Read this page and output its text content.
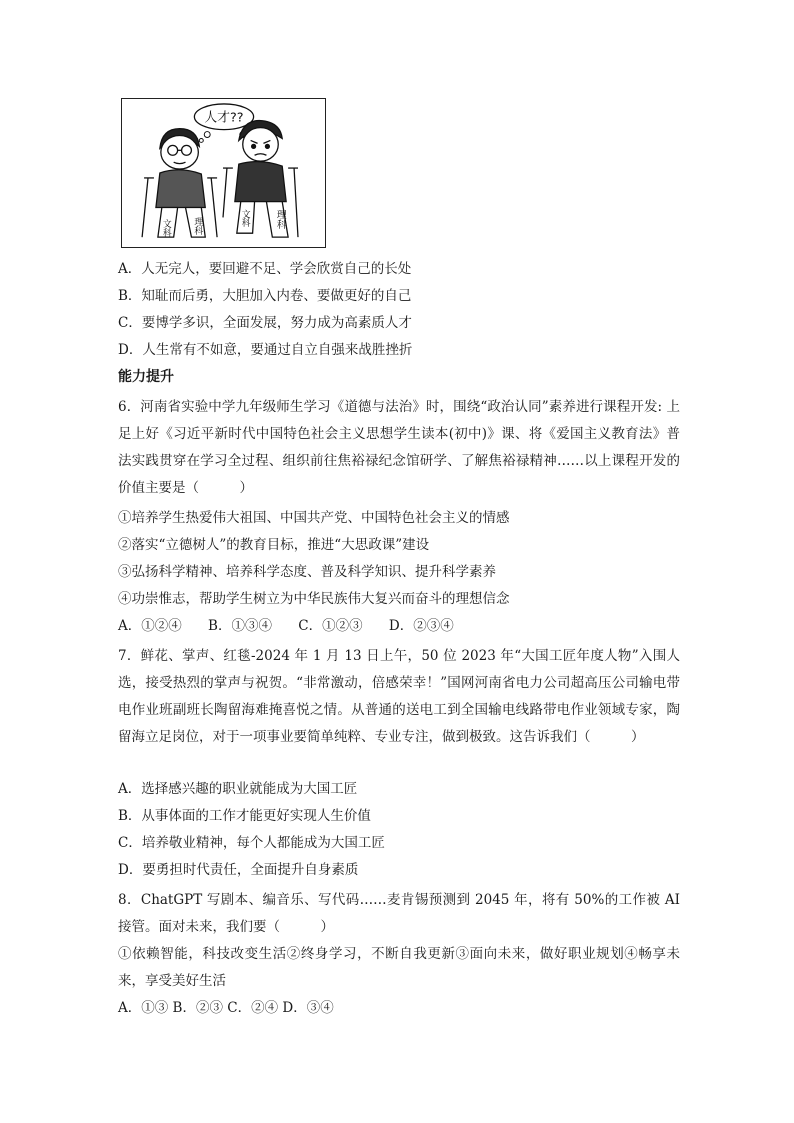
人才??
文科 理科	文科	理科
A．人无完人，要回避不足、学会欣赏自己的长处
B．知耻而后勇，大胆加入内卷、要做更好的自己
C．要博学多识，全面发展，努力成为高素质人才
D．人生常有不如意，要通过自立自强来战胜挫折
能力提升
6．河南省实验中学九年级师生学习《道德与法治》时，围绕“政治认同”素养进行课程开发: 上足上好《习近平新时代中国特色社会主义思想学生读本(初中)》课、将《爱国主义教育法》普法实践贯穿在学习全过程、组织前往焦裕禄纪念馆研学、了解焦裕禄精神……以上课程开发的价值主要是（　　　）
①培养学生热爱伟大祖国、中国共产党、中国特色社会主义的情感
②落实“立德树人”的教育目标，推进“大思政课”建设
③弘扬科学精神、培养科学态度、普及科学知识、提升科学素养
④功崇惟志，帮助学生树立为中华民族伟大复兴而奋斗的理想信念
A．①②④ B．①③④ C．①②③ D．②③④
7．鲜花、掌声、红毯-2024 年 1 月 13 日上午，50 位 2023 年“大国工匠年度人物”入围人选，接受热烈的掌声与祝贺。“非常激动，倍感荣幸！”国网河南省电力公司超高压公司输电带电作业班副班长陶留海难掩喜悦之情。从普通的送电工到全国输电线路带电作业领域专家，陶留海立足岗位，对于一项事业要简单纯粹、专业专注，做到极致。这告诉我们（　　　）
A．选择感兴趣的职业就能成为大国工匠
B．从事体面的工作才能更好实现人生价值
C．培养敬业精神，每个人都能成为大国工匠
D．要勇担时代责任，全面提升自身素质
8．ChatGPT 写剧本、编音乐、写代码……麦肯锡预测到 2045 年，将有 50%的工作被 AI 接管。面对未来，我们要（　　　）
①依赖智能，科技改变生活②终身学习，不断自我更新③面向未来，做好职业规划④畅享未来，享受美好生活
A．①③ B．②③ C．②④ D．③④
